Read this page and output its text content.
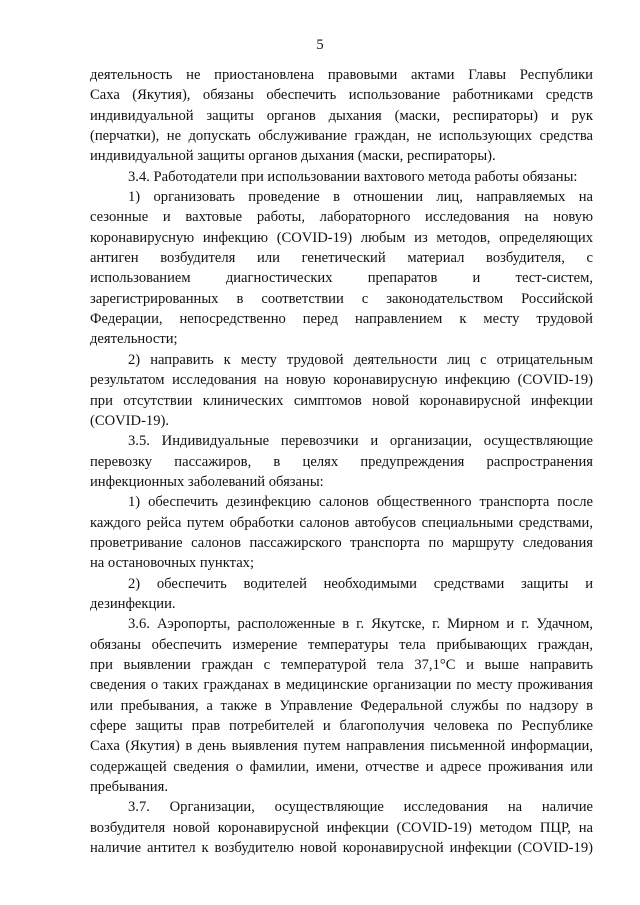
5
деятельность не приостановлена правовыми актами Главы Республики
Саха (Якутия), обязаны обеспечить использование работниками средств
индивидуальной защиты органов дыхания (маски, респираторы) и рук
(перчатки), не допускать обслуживание граждан, не использующих средства
индивидуальной защиты органов дыхания (маски, респираторы).
3.4. Работодатели при использовании вахтового метода работы обязаны:
1) организовать проведение в отношении лиц, направляемых на
сезонные и вахтовые работы, лабораторного исследования на новую
коронавирусную инфекцию (COVID-19) любым из методов, определяющих
антиген возбудителя или генетический материал возбудителя, с
использованием диагностических препаратов и тест-систем,
зарегистрированных в соответствии с законодательством Российской
Федерации, непосредственно перед направлением к месту трудовой
деятельности;
2) направить к месту трудовой деятельности лиц с отрицательным
результатом исследования на новую коронавирусную инфекцию (COVID-19)
при отсутствии клинических симптомов новой коронавирусной инфекции
(COVID-19).
3.5. Индивидуальные перевозчики и организации, осуществляющие
перевозку пассажиров, в целях предупреждения распространения
инфекционных заболеваний обязаны:
1) обеспечить дезинфекцию салонов общественного транспорта после
каждого рейса путем обработки салонов автобусов специальными средствами,
проветривание салонов пассажирского транспорта по маршруту следования
на остановочных пунктах;
2) обеспечить водителей необходимыми средствами защиты и
дезинфекции.
3.6. Аэропорты, расположенные в г. Якутске, г. Мирном и г. Удачном,
обязаны обеспечить измерение температуры тела прибывающих граждан,
при выявлении граждан с температурой тела 37,1°С и выше направить
сведения о таких гражданах в медицинские организации по месту проживания
или пребывания, а также в Управление Федеральной службы по надзору в
сфере защиты прав потребителей и благополучия человека по Республике
Саха (Якутия) в день выявления путем направления письменной информации,
содержащей сведения о фамилии, имени, отчестве и адресе проживания или
пребывания.
3.7. Организации, осуществляющие исследования на наличие
возбудителя новой коронавирусной инфекции (COVID-19) методом ПЦР, на
наличие антител к возбудителю новой коронавирусной инфекции (COVID-19)
